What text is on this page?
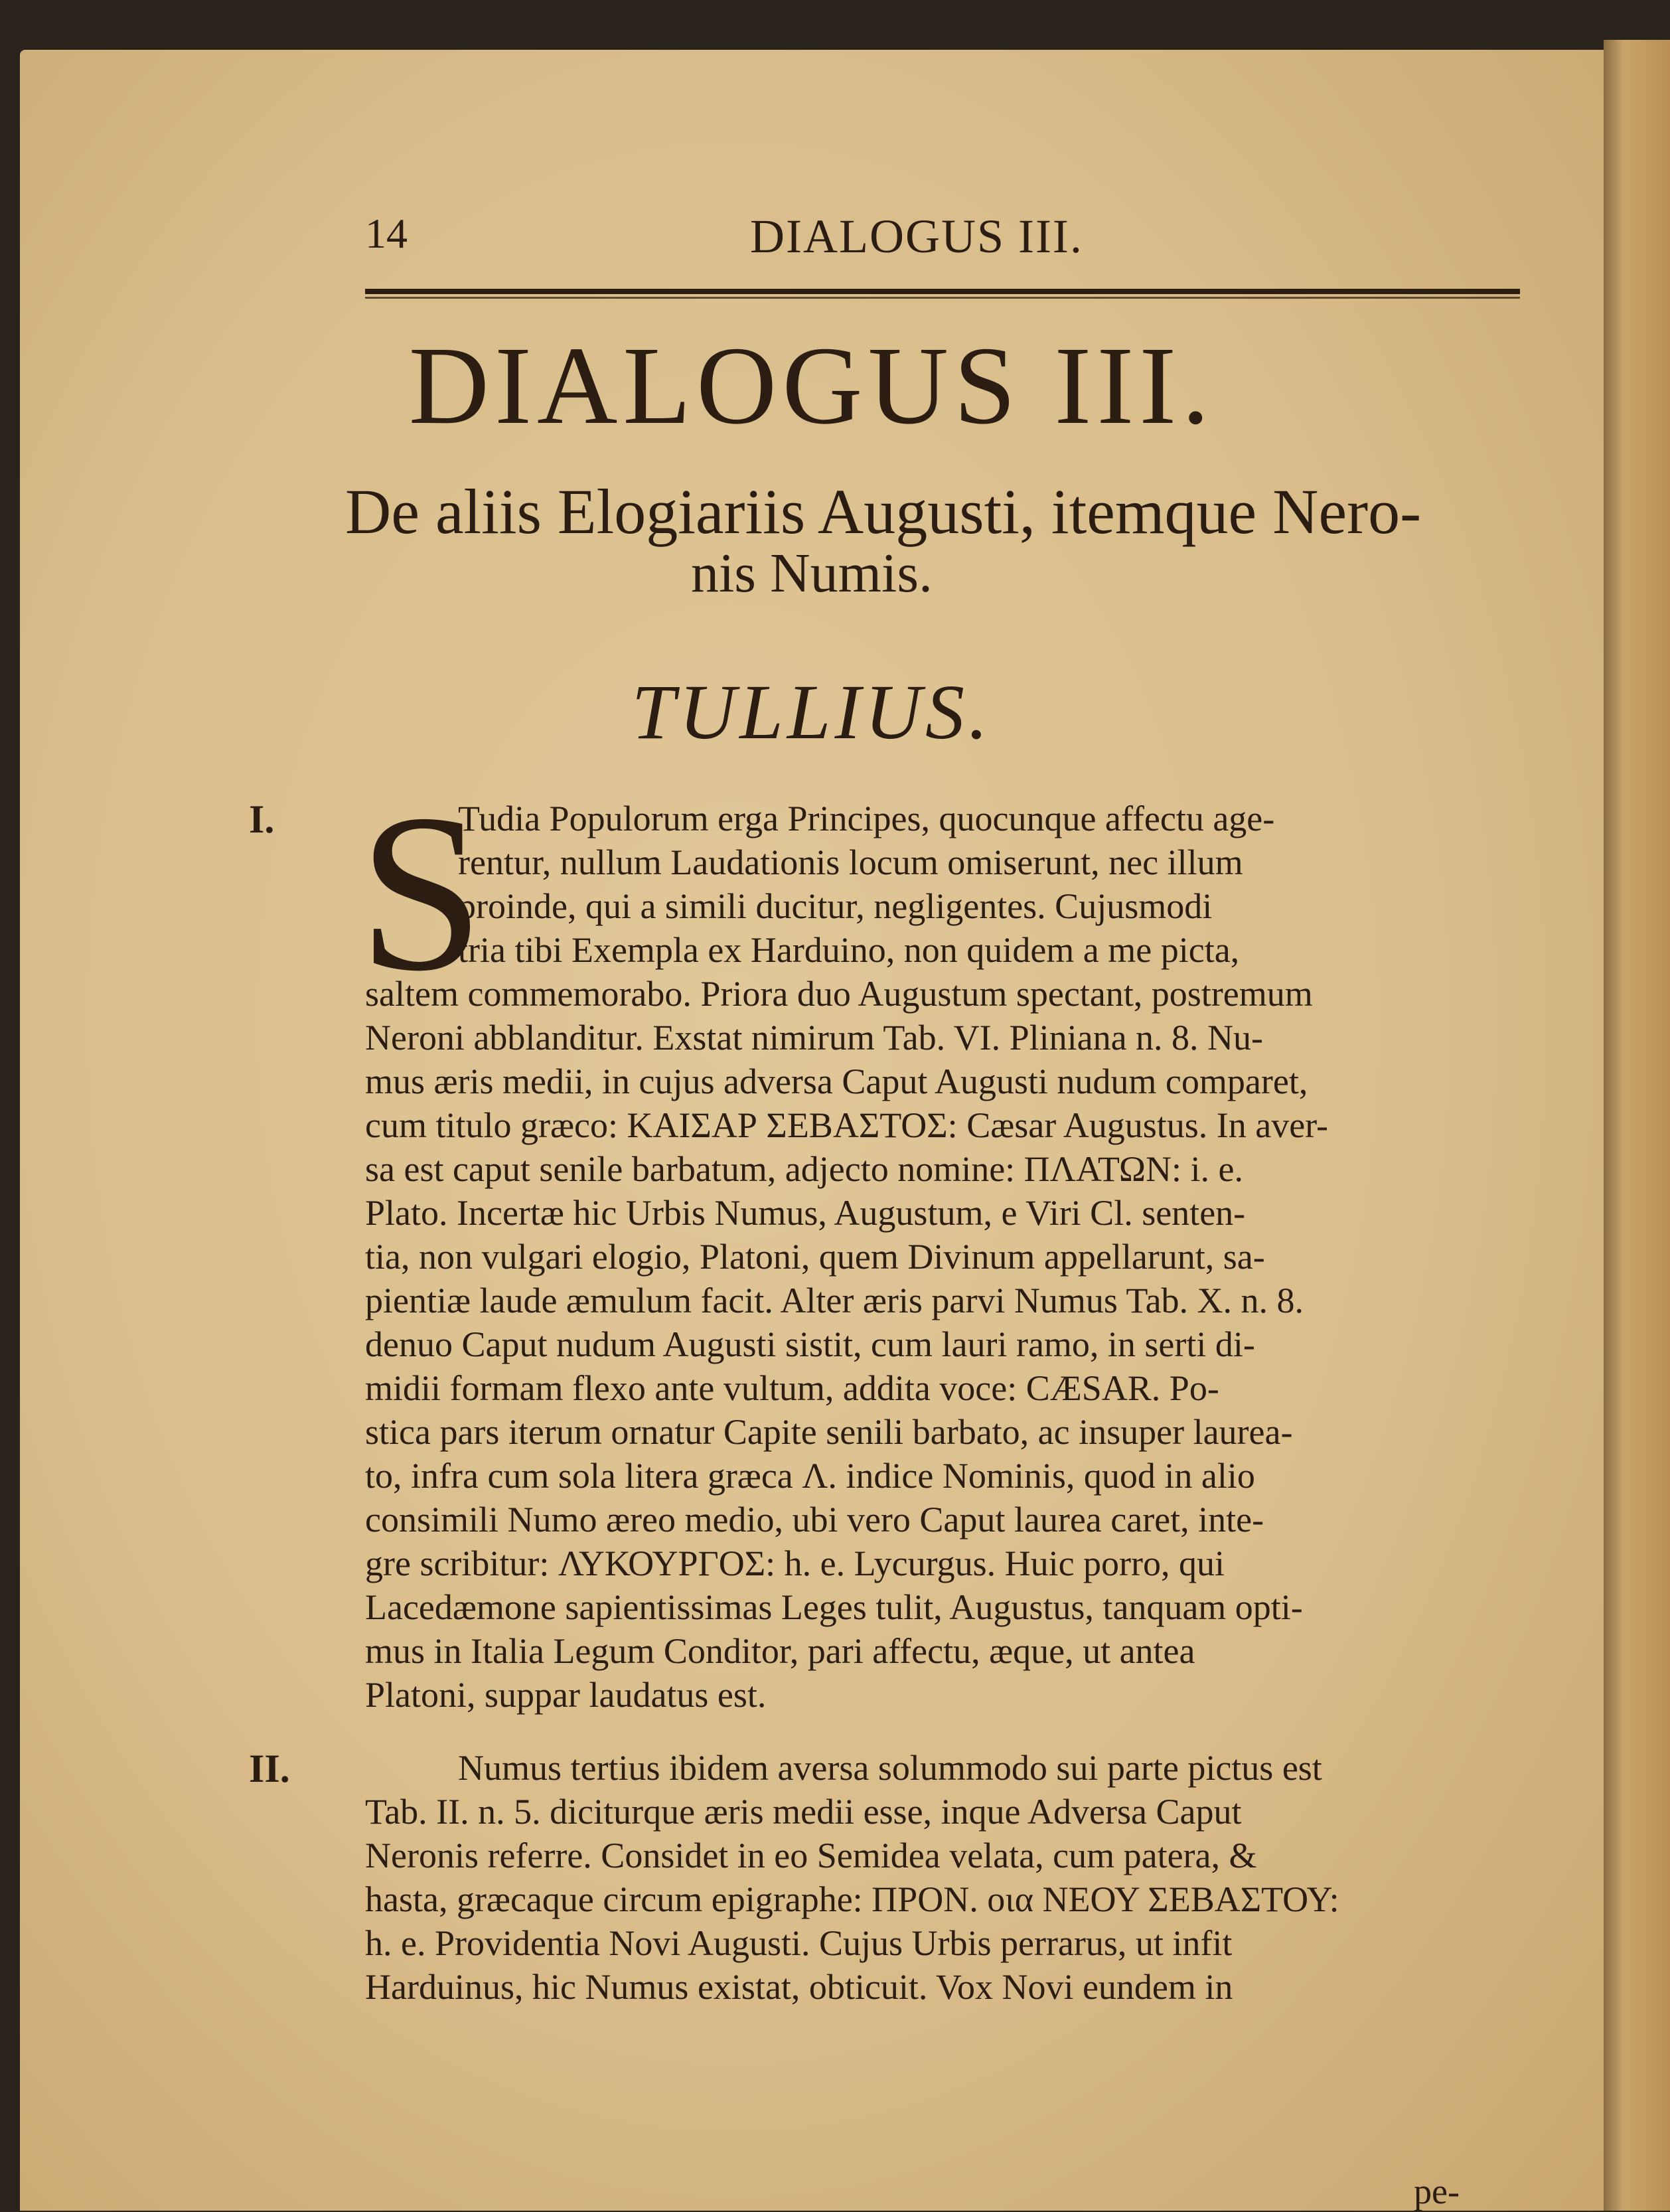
14	DIALOGUS III.
DIALOGUS III.
De aliis Elogiariis Augusti, itemque Nero-
nis Numis.
TULLIUS.
I.
II.
S
Tudia Populorum erga Principes, quocunque affectu age-
rentur, nullum Laudationis locum omiserunt, nec illum
proinde, qui a simili ducitur, negligentes. Cujusmodi
tria tibi Exempla ex Harduino, non quidem a me picta,
saltem commemorabo. Priora duo Augustum spectant, postremum
Neroni abblanditur. Exstat nimirum Tab. VI. Pliniana n. 8. Nu-
mus æris medii, in cujus adversa Caput Augusti nudum comparet,
cum titulo græco: ΚΑΙΣΑΡ ΣΕΒΑΣΤΟΣ: Cæsar Augustus. In aver-
sa est caput senile barbatum, adjecto nomine: ΠΛΑΤΩΝ: i. e.
Plato. Incertæ hic Urbis Numus, Augustum, e Viri Cl. senten-
tia, non vulgari elogio, Platoni, quem Divinum appellarunt, sa-
pientiæ laude æmulum facit. Alter æris parvi Numus Tab. X. n. 8.
denuo Caput nudum Augusti sistit, cum lauri ramo, in serti di-
midii formam flexo ante vultum, addita voce: CÆSAR. Po-
stica pars iterum ornatur Capite senili barbato, ac insuper laurea-
to, infra cum sola litera græca Λ. indice Nominis, quod in alio
consimili Numo æreo medio, ubi vero Caput laurea caret, inte-
gre scribitur: ΛΥΚΟΥΡΓΟΣ: h. e. Lycurgus. Huic porro, qui
Lacedæmone sapientissimas Leges tulit, Augustus, tanquam opti-
mus in Italia Legum Conditor, pari affectu, æque, ut antea
Platoni, suppar laudatus est.
Numus tertius ibidem aversa solummodo sui parte pictus est
Tab. II. n. 5. diciturque æris medii esse, inque Adversa Caput
Neronis referre. Considet in eo Semidea velata, cum patera, &
hasta, græcaque circum epigraphe: ΠΡΟΝ. οια ΝΕΟΥ ΣΕΒΑΣΤΟΥ:
h. e. Providentia Novi Augusti. Cujus Urbis perrarus, ut infit
Harduinus, hic Numus existat, obticuit. Vox Novi eundem in
pe-
